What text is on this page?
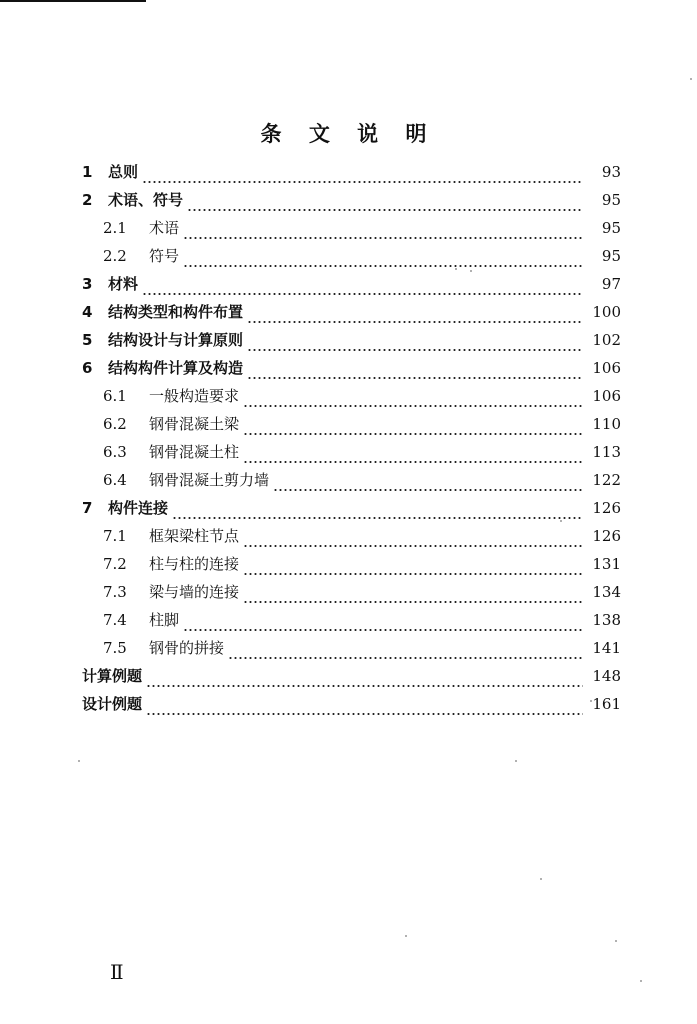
条 文 说 明
1	总则	93
2	术语、符号	95
2.1	术语	95
2.2	符号	95
3	材料	97
4	结构类型和构件布置	100
5	结构设计与计算原则	102
6	结构构件计算及构造	106
6.1	一般构造要求	106
6.2	钢骨混凝土梁	110
6.3	钢骨混凝土柱	113
6.4	钢骨混凝土剪力墙	122
7	构件连接	126
7.1	框架梁柱节点	126
7.2	柱与柱的连接	131
7.3	梁与墙的连接	134
7.4	柱脚	138
7.5	钢骨的拼接	141
计算例题	148
设计例题	161
Ⅱ
